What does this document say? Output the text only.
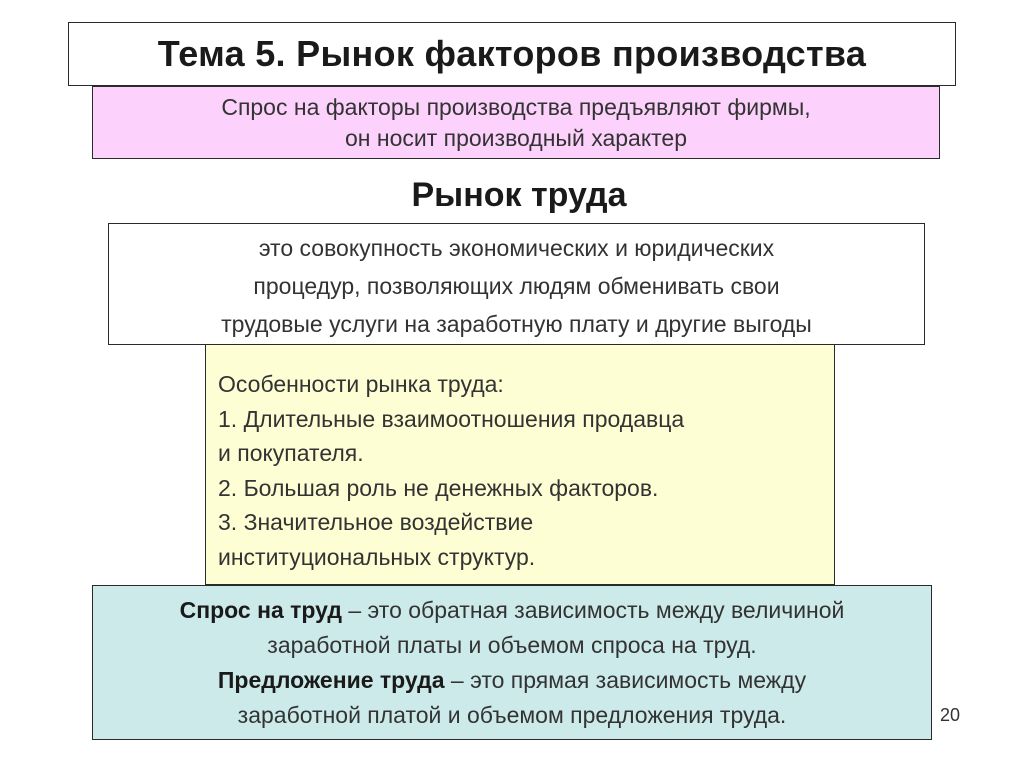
Тема 5. Рынок факторов производства
Спрос на факторы производства предъявляют фирмы,
он носит производный характер
Рынок труда
это совокупность экономических и юридических
процедур, позволяющих людям обменивать свои
трудовые услуги на заработную плату и другие выгоды

Особенности рынка труда:

1. Длительные взаимоотношения продавца

и покупателя.

2. Большая роль не денежных факторов.

3. Значительное воздействие

институциональных структур.

Спрос на труд – это обратная зависимость между величиной

заработной платы и объемом спроса на труд.

Предложение труда – это прямая зависимость между

заработной платой и объемом предложения труда.	20
